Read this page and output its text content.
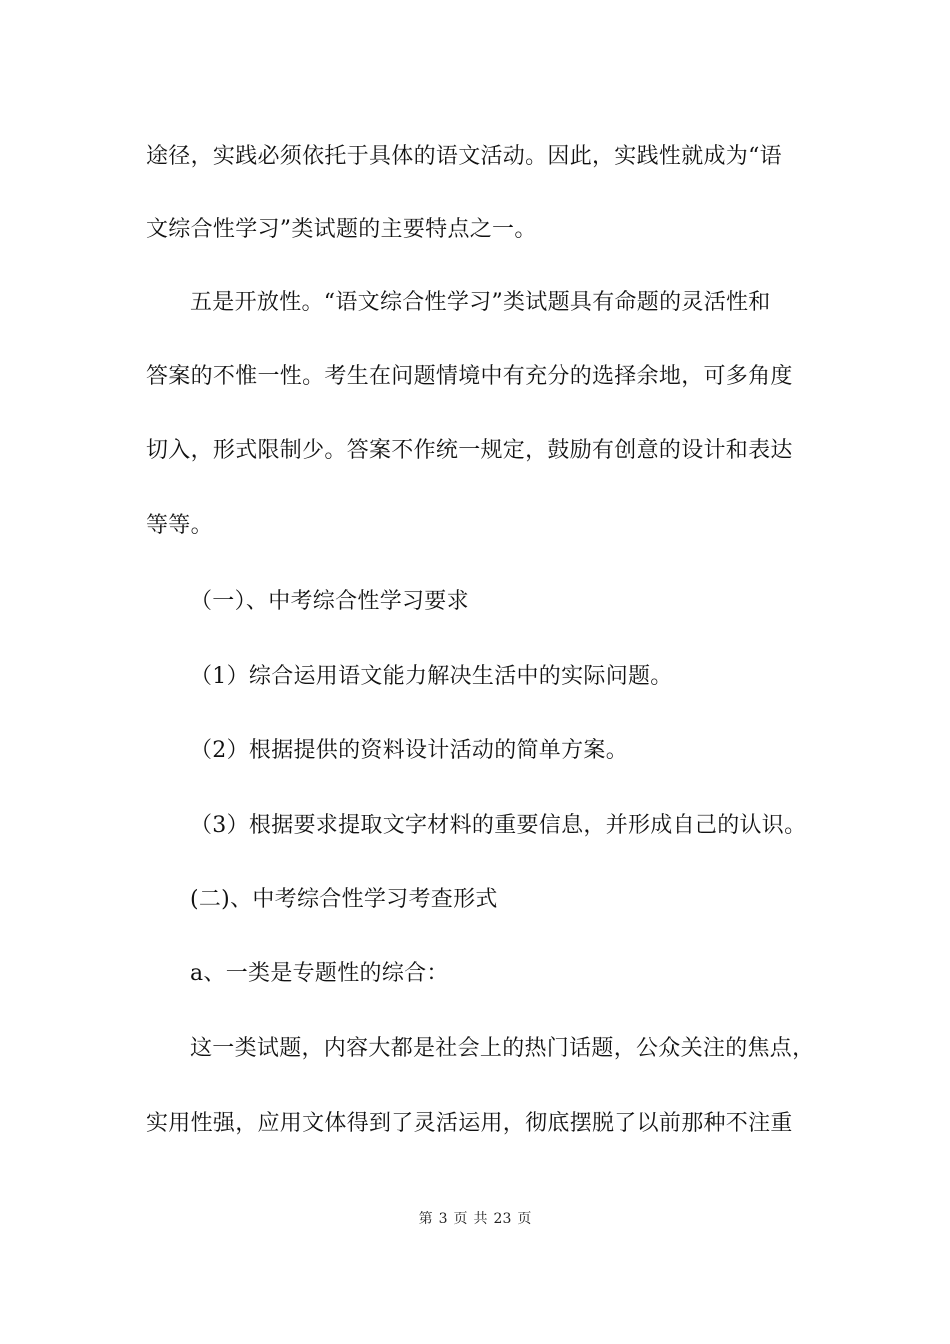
途径，实践必须依托于具体的语文活动。因此，实践性就成为“语
文综合性学习”类试题的主要特点之一。
五是开放性。“语文综合性学习”类试题具有命题的灵活性和
答案的不惟一性。考生在问题情境中有充分的选择余地，可多角度
切入，形式限制少。答案不作统一规定，鼓励有创意的设计和表达
等等。
（一）、中考综合性学习要求
（1）综合运用语文能力解决生活中的实际问题。
（2）根据提供的资料设计活动的简单方案。
（3）根据要求提取文字材料的重要信息，并形成自己的认识。
(二)、中考综合性学习考查形式
a、一类是专题性的综合：
这一类试题，内容大都是社会上的热门话题，公众关注的焦点，
实用性强，应用文体得到了灵活运用，彻底摆脱了以前那种不注重
第 3 页 共 23 页
